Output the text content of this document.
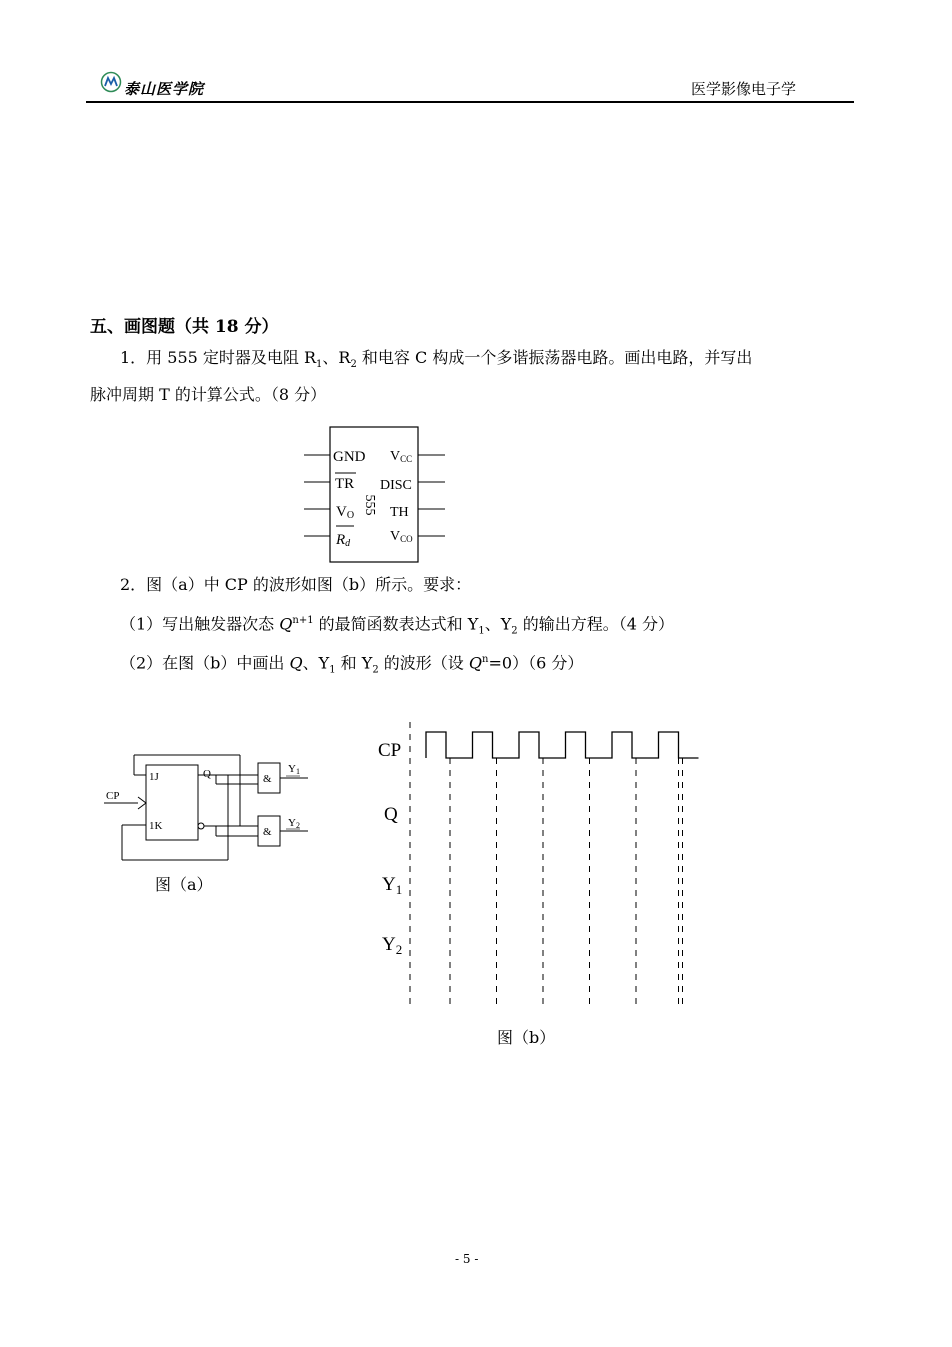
泰山医学院	医学影像电子学
五、画图题（共 18 分）
1．用 555 定时器及电阻 $R_1$、$R_2$ 和电容 C 构成一个多谐振荡器电路。画出电路，并写出
脉冲周期 T 的计算公式。（8 分）
GND
TR
VO
Rd
VCC
DISC
TH
VCO
555
2．图（a）中 CP 的波形如图（b）所示。要求：
（1）写出触发器次态 $Q^{n+1}$ 的最简函数表达式和 $Y_1$、$Y_2$ 的输出方程。（4 分）
（2）在图（b）中画出 Q、$Y_1$ 和 $Y_2$ 的波形（设 $Q^n=0)(6$ 分）
1J
1K
Q
CP
&
Y1
&
Y2
图（a）
CP
Q
$Y_1$
$Y_2$
图（b）
- 5 -
